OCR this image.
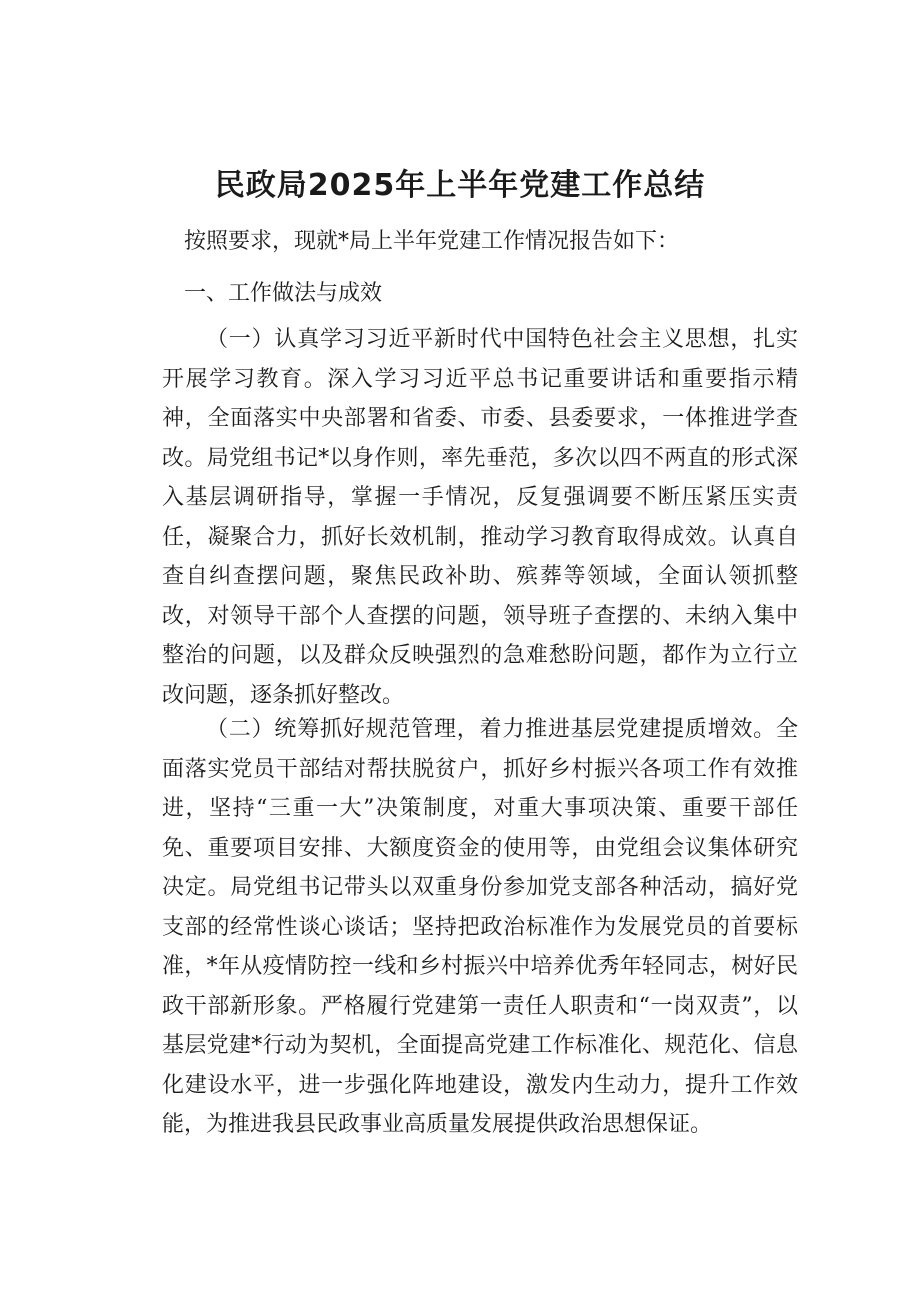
民政局2025年上半年党建工作总结

按照要求，现就*局上半年党建工作情况报告如下：

一、工作做法与成效

（一）认真学习习近平新时代中国特色社会主义思想，扎实开展学习教育。深入学习习近平总书记重要讲话和重要指示精神，全面落实中央部署和省委、市委、县委要求，一体推进学查改。局党组书记*以身作则，率先垂范，多次以四不两直的形式深入基层调研指导，掌握一手情况，反复强调要不断压紧压实责任，凝聚合力，抓好长效机制，推动学习教育取得成效。认真自查自纠查摆问题，聚焦民政补助、殡葬等领域，全面认领抓整改，对领导干部个人查摆的问题，领导班子查摆的、未纳入集中整治的问题，以及群众反映强烈的急难愁盼问题，都作为立行立改问题，逐条抓好整改。

（二）统筹抓好规范管理，着力推进基层党建提质增效。全面落实党员干部结对帮扶脱贫户，抓好乡村振兴各项工作有效推进，坚持“三重一大”决策制度，对重大事项决策、重要干部任免、重要项目安排、大额度资金的使用等，由党组会议集体研究决定。局党组书记带头以双重身份参加党支部各种活动，搞好党支部的经常性谈心谈话；坚持把政治标准作为发展党员的首要标准，*年从疫情防控一线和乡村振兴中培养优秀年轻同志，树好民政干部新形象。严格履行党建第一责任人职责和“一岗双责”，以基层党建*行动为契机，全面提高党建工作标准化、规范化、信息化建设水平，进一步强化阵地建设，激发内生动力，提升工作效能，为推进我县民政事业高质量发展提供政治思想保证。
